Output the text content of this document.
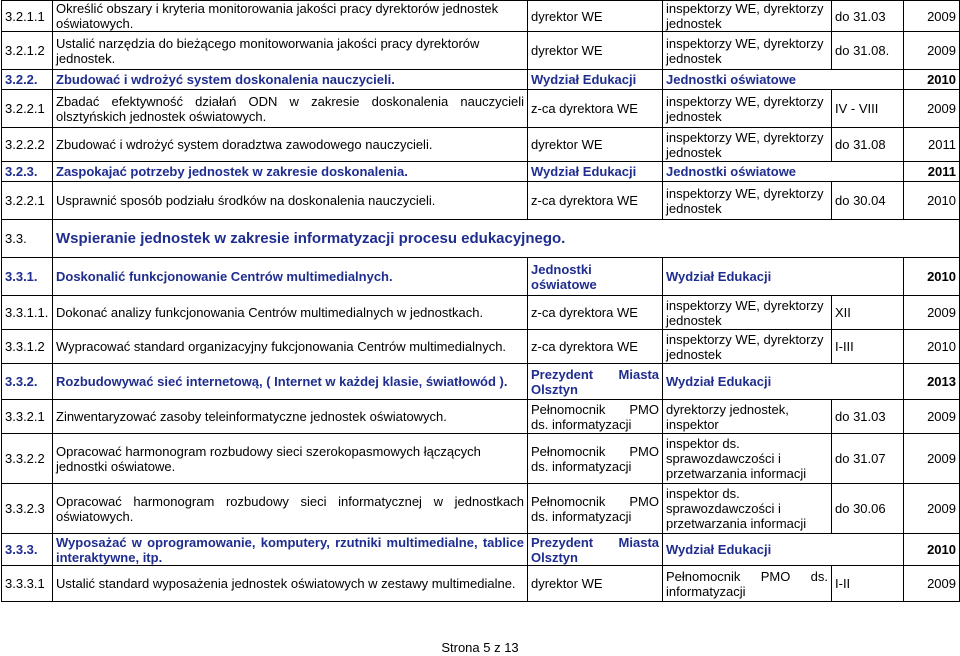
3.2.1.1	Określić obszary i kryteria monitorowania jakości pracy dyrektorów jednostek oświatowych.	dyrektor WE	inspektorzy WE, dyrektorzy jednostek	do 31.03	2009
3.2.1.2	Ustalić narzędzia do bieżącego monitoworwania jakości pracy dyrektorów jednostek.	dyrektor WE	inspektorzy WE, dyrektorzy jednostek	do 31.08.	2009
3.2.2.	Zbudować i wdrożyć system doskonalenia nauczycieli.	Wydział Edukacji	Jednostki oświatowe		2010
3.2.2.1	Zbadać efektywność działań ODN w zakresie doskonalenia nauczycieli olsztyńskich jednostek oświatowych.	z-ca dyrektora WE	inspektorzy WE, dyrektorzy jednostek	IV - VIII	2009
3.2.2.2	Zbudować i wdrożyć system doradztwa zawodowego nauczycieli.	dyrektor WE	inspektorzy WE, dyrektorzy jednostek	do 31.08	2011
3.2.3.	Zaspokajać potrzeby jednostek w zakresie doskonalenia.	Wydział Edukacji	Jednostki oświatowe		2011
3.2.2.1	Usprawnić sposób podziału środków na doskonalenia nauczycieli.	z-ca dyrektora WE	inspektorzy WE, dyrektorzy jednostek	do 30.04	2010
3.3.	Wspieranie jednostek w zakresie informatyzacji procesu edukacyjnego.				
3.3.1.	Doskonalić funkcjonowanie Centrów multimedialnych.	Jednostki oświatowe	Wydział Edukacji		2010
3.3.1.1.	Dokonać analizy funkcjonowania Centrów multimedialnych w jednostkach.	z-ca dyrektora WE	inspektorzy WE, dyrektorzy jednostek	XII	2009
3.3.1.2	Wypracować standard organizacyjny fukcjonowania Centrów multimedialnych.	z-ca dyrektora WE	inspektorzy WE, dyrektorzy jednostek	I-III	2010
3.3.2.	Rozbudowywać sieć internetową, ( Internet w każdej klasie, światłowód ).	Prezydent Miasta Olsztyn	Wydział Edukacji		2013
3.3.2.1	Zinwentaryzować zasoby teleinformatyczne jednostek oświatowych.	Pełnomocnik PMO ds. informatyzacji	dyrektorzy jednostek, inspektor	do 31.03	2009
3.3.2.2	Opracować harmonogram rozbudowy sieci szerokopasmowych łączących jednostki oświatowe.	Pełnomocnik PMO ds. informatyzacji	inspektor ds. sprawozdawczości i przetwarzania informacji	do 31.07	2009
3.3.2.3	Opracować harmonogram rozbudowy sieci informatycznej w jednostkach oświatowych.	Pełnomocnik PMO ds. informatyzacji	inspektor ds. sprawozdawczości i przetwarzania informacji	do 30.06	2009
3.3.3.	Wyposażać w oprogramowanie, komputery, rzutniki multimedialne, tablice interaktywne, itp.	Prezydent Miasta Olsztyn	Wydział Edukacji		2010
3.3.3.1	Ustalić standard wyposażenia jednostek oświatowych w zestawy multimedialne.	dyrektor WE	Pełnomocnik PMO ds. informatyzacji	I-II	2009
Strona 5 z 13
